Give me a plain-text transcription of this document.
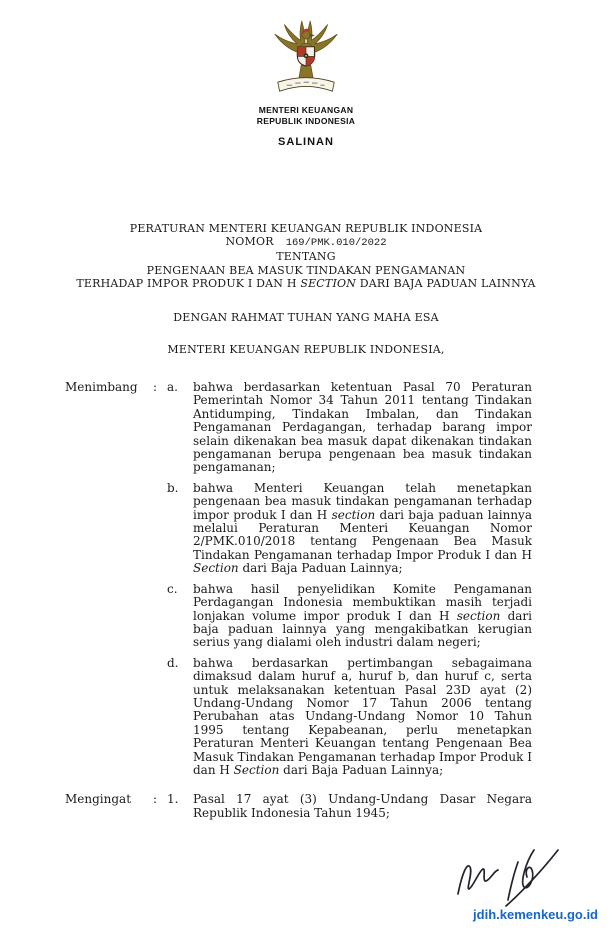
MENTERI KEUANGAN
REPUBLIK INDONESIA
SALINAN
PERATURAN MENTERI KEUANGAN REPUBLIK INDONESIA
NOMOR 169/PMK.010/2022
TENTANG
PENGENAAN BEA MASUK TINDAKAN PENGAMANAN
TERHADAP IMPOR PRODUK I DAN H SECTION DARI BAJA PADUAN LAINNYA
DENGAN RAHMAT TUHAN YANG MAHA ESA
MENTERI KEUANGAN REPUBLIK INDONESIA,
Menimbang	: a.	bahwa berdasarkan ketentuan Pasal 70 Peraturan Pemerintah Nomor 34 Tahun 2011 tentang Tindakan Antidumping, Tindakan Imbalan, dan Tindakan Pengamanan Perdagangan, terhadap barang impor selain dikenakan bea masuk dapat dikenakan tindakan pengamanan berupa pengenaan bea masuk tindakan pengamanan;
b.	bahwa Menteri Keuangan telah menetapkan pengenaan bea masuk tindakan pengamanan terhadap impor produk I dan H section dari baja paduan lainnya melalui Peraturan Menteri Keuangan Nomor 2/PMK.010/2018 tentang Pengenaan Bea Masuk Tindakan Pengamanan terhadap Impor Produk I dan H Section dari Baja Paduan Lainnya;
c.	bahwa hasil penyelidikan Komite Pengamanan Perdagangan Indonesia membuktikan masih terjadi lonjakan volume impor produk I dan H section dari baja paduan lainnya yang mengakibatkan kerugian serius yang dialami oleh industri dalam negeri;
d.	bahwa berdasarkan pertimbangan sebagaimana dimaksud dalam huruf a, huruf b, dan huruf c, serta untuk melaksanakan ketentuan Pasal 23D ayat (2) Undang-Undang Nomor 17 Tahun 2006 tentang Perubahan atas Undang-Undang Nomor 10 Tahun 1995 tentang Kepabeanan, perlu menetapkan Peraturan Menteri Keuangan tentang Pengenaan Bea Masuk Tindakan Pengamanan terhadap Impor Produk I dan H Section dari Baja Paduan Lainnya;
Mengingat	: 1.	Pasal 17 ayat (3) Undang-Undang Dasar Negara Republik Indonesia Tahun 1945;
jdih.kemenkeu.go.id
